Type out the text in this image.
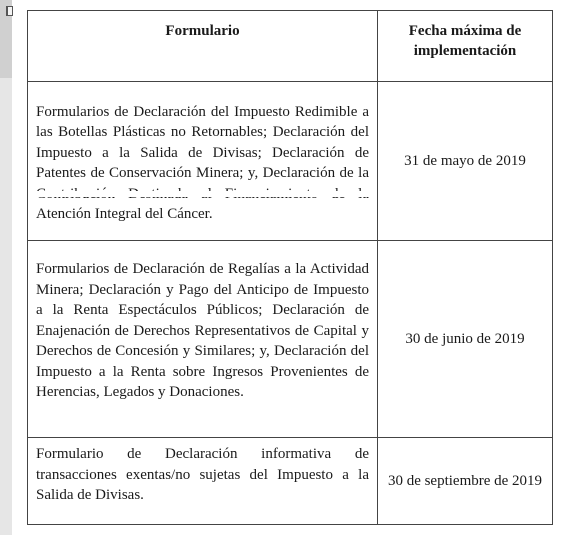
Formulario	Fecha máxima de implementación

Formularios de Declaración del Impuesto Redimible a las Botellas Plásticas no Retornables; Declaración del Impuesto a la Salida de Divisas; Declaración de Patentes de Conservación Minera; y, Declaración de la Atención Integral del Cáncer.	31 de mayo de 2019

Formularios de Declaración de Regalías a la Actividad Minera; Declaración y Pago del Anticipo de Impuesto a la Renta Espectáculos Públicos; Declaración de Enajenación de Derechos Representativos de Capital y Derechos de Concesión y Similares; y, Declaración del Impuesto a la Renta sobre Ingresos Provenientes de Herencias, Legados y Donaciones.	30 de junio de 2019

Formulario de Declaración informativa de transacciones exentas/no sujetas del Impuesto a la Salida de Divisas.	30 de septiembre de 2019
